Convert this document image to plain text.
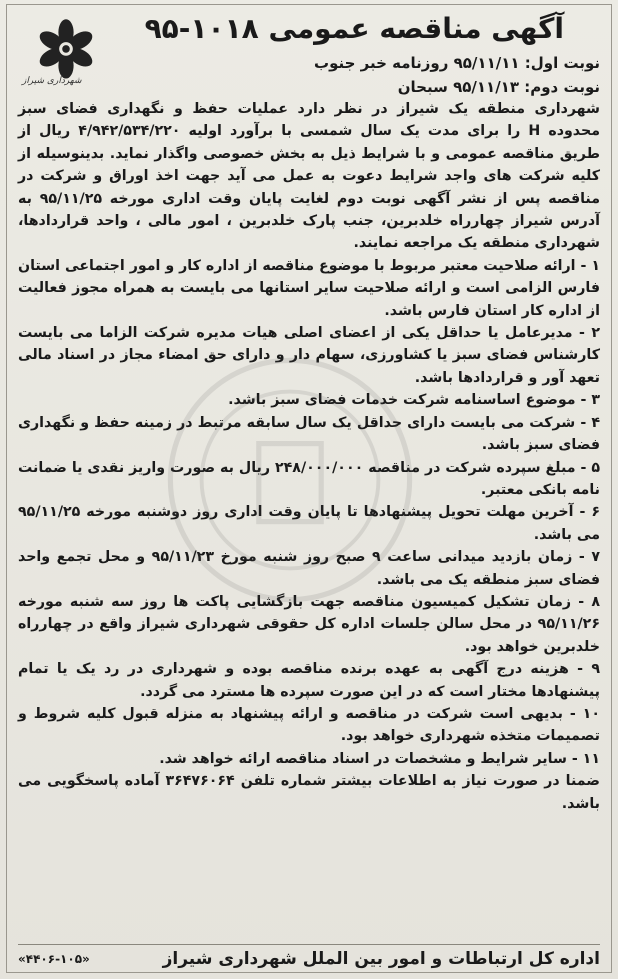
آگهی مناقصه عمومی ۱۰۱۸-۹۵
نوبت اول: ۹۵/۱۱/۱۱ روزنامه خبر جنوب
نوبت دوم: ۹۵/۱۱/۱۳ سبحان
شهرداری شیراز

شهرداری منطقه یک شیراز در نظر دارد عملیات حفظ و نگهداری فضای سبز محدوده H را برای مدت یک سال شمسی با برآورد اولیه ۴/۹۴۲/۵۳۴/۲۲۰ ریال از طریق مناقصه عمومی و با شرایط ذیل به بخش خصوصی واگذار نماید. بدینوسیله از کلیه شرکت های واجد شرایط دعوت به عمل می آید جهت اخذ اوراق و شرکت در مناقصه پس از نشر آگهی نوبت دوم لغایت پایان وقت اداری مورخه ۹۵/۱۱/۲۵ به آدرس شیراز چهارراه خلدبرین، جنب پارک خلدبرین ، امور مالی ، واحد قراردادها، شهرداری منطقه یک مراجعه نمایند.

۱ - ارائه صلاحیت معتبر مربوط با موضوع مناقصه از اداره کار و امور اجتماعی استان فارس الزامی است و ارائه صلاحیت سایر استانها می بایست به همراه مجوز فعالیت از اداره کار استان فارس باشد.
۲ - مدیرعامل یا حداقل یکی از اعضای اصلی هیات مدیره شرکت الزاما می بایست کارشناس فضای سبز یا کشاورزی، سهام دار و دارای حق امضاء مجاز در اسناد مالی تعهد آور و قراردادها باشد.
۳ - موضوع اساسنامه شرکت خدمات فضای سبز باشد.
۴ - شرکت می بایست دارای حداقل یک سال سابقه مرتبط در زمینه حفظ و نگهداری فضای سبز باشد.
۵ - مبلغ سپرده شرکت در مناقصه ۲۴۸/۰۰۰/۰۰۰ ریال به صورت واریز نقدی یا ضمانت نامه بانکی معتبر.
۶ - آخرین مهلت تحویل پیشنهادها تا پایان وقت اداری روز دوشنبه مورخه ۹۵/۱۱/۲۵ می باشد.
۷ - زمان بازدید میدانی ساعت ۹ صبح روز شنبه مورخ ۹۵/۱۱/۲۳ و محل تجمع واحد فضای سبز منطقه یک می باشد.
۸ - زمان تشکیل کمیسیون مناقصه جهت بازگشایی پاکت ها روز سه شنبه مورخه ۹۵/۱۱/۲۶ در محل سالن جلسات اداره کل حقوقی شهرداری شیراز واقع در چهارراه خلدبرین خواهد بود.
۹ - هزینه درج آگهی به عهده برنده مناقصه بوده و شهرداری در رد یک یا تمام پیشنهادها مختار است که در این صورت سپرده ها مسترد می گردد.
۱۰ - بدیهی است شرکت در مناقصه و ارائه پیشنهاد به منزله قبول کلیه شروط و تصمیمات متخذه شهرداری خواهد بود.
۱۱ - سایر شرایط و مشخصات در اسناد مناقصه ارائه خواهد شد.

ضمنا در صورت نیاز به اطلاعات بیشتر شماره تلفن ۳۶۴۷۶۰۶۴ آماده پاسخگویی می باشد.

اداره کل ارتباطات و امور بین الملل شهرداری شیراز
«۴۴۰۶-۱۰۵»
